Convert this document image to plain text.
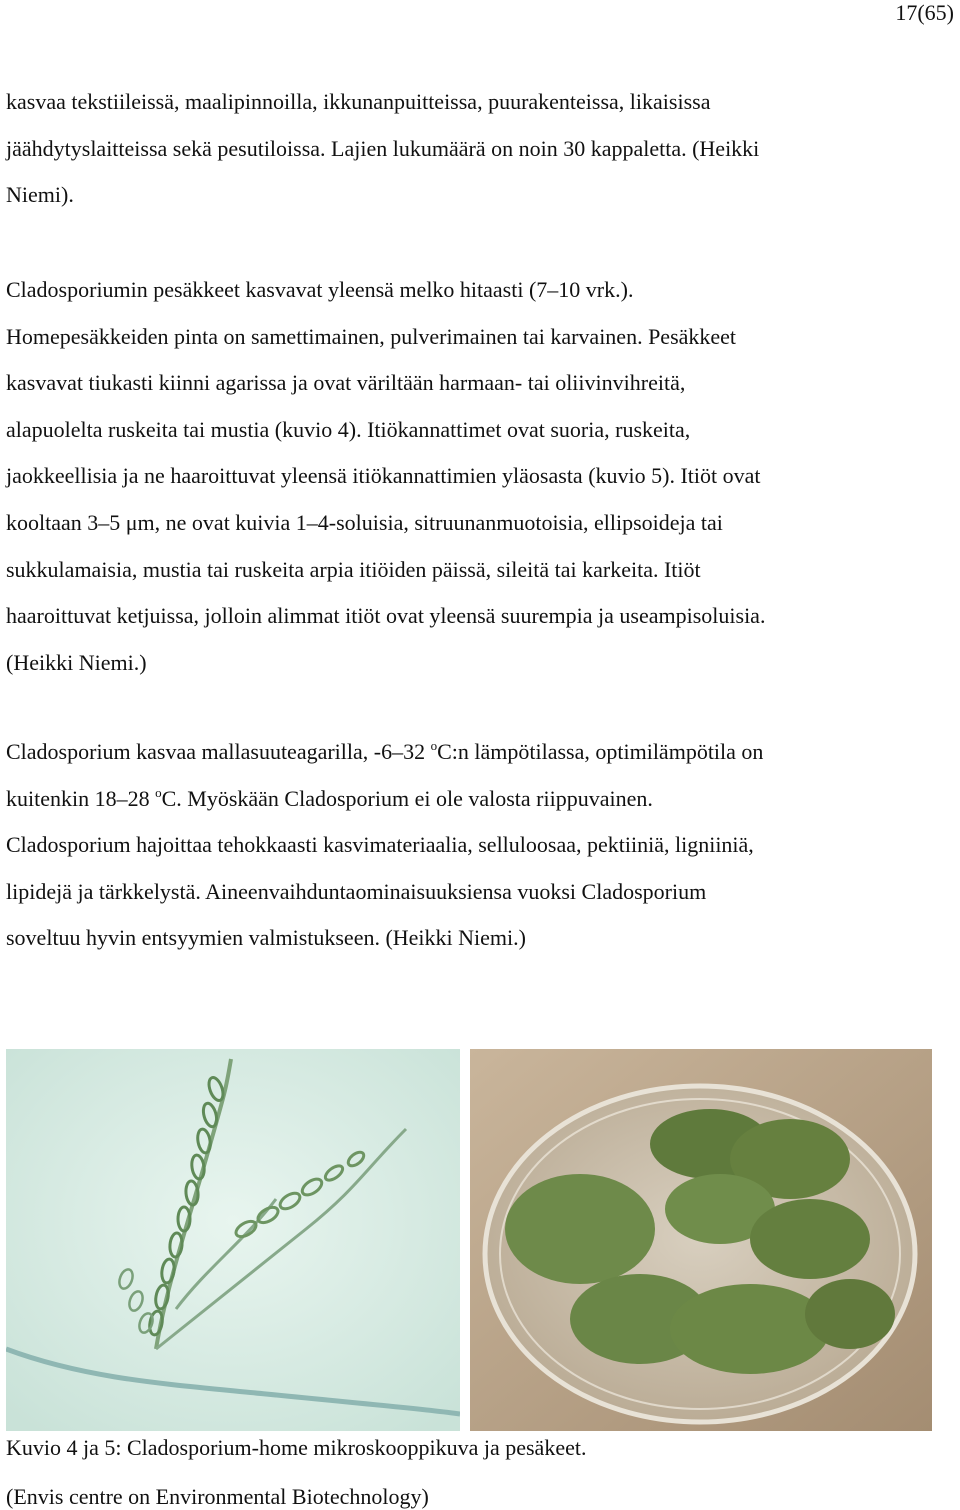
17(65)

kasvaa tekstiileissä, maalipinnoilla, ikkunanpuitteissa, puurakenteissa, likaisissa
jäähdytyslaitteissa sekä pesutiloissa. Lajien lukumäärä on noin 30 kappaletta. (Heikki
Niemi).

Cladosporiumin pesäkkeet kasvavat yleensä melko hitaasti (7–10 vrk.).
Homepesäkkeiden pinta on samettimainen, pulverimainen tai karvainen. Pesäkkeet
kasvavat tiukasti kiinni agarissa ja ovat väriltään harmaan- tai oliivinvihreitä,
alapuolelta ruskeita tai mustia (kuvio 4). Itiökannattimet ovat suoria, ruskeita,
jaokkeellisia ja ne haaroittuvat yleensä itiökannattimien yläosasta (kuvio 5). Itiöt ovat
kooltaan 3–5 μm, ne ovat kuivia 1–4-soluisia, sitruunanmuotoisia, ellipsoideja tai
sukkulamaisia, mustia tai ruskeita arpia itiöiden päissä, sileitä tai karkeita. Itiöt
haaroittuvat ketjuissa, jolloin alimmat itiöt ovat yleensä suurempia ja useampisoluisia.
(Heikki Niemi.)

Cladosporium kasvaa mallasuuteagarilla, -6–32 $^o$C:n lämpötilassa, optimilämpötila on
kuitenkin 18–28 $^o$C. Myöskään Cladosporium ei ole valosta riippuvainen.
Cladosporium hajoittaa tehokkaasti kasvimateriaalia, selluloosaa, pektiiniä, ligniiniä,
lipidejä ja tärkkelystä. Aineenvaihduntaominaisuuksiensa vuoksi Cladosporium
soveltuu hyvin entsyymien valmistukseen. (Heikki Niemi.)

Kuvio 4 ja 5: Cladosporium-home mikroskooppikuva ja pesäkeet.
(Envis centre on Environmental Biotechnology)
